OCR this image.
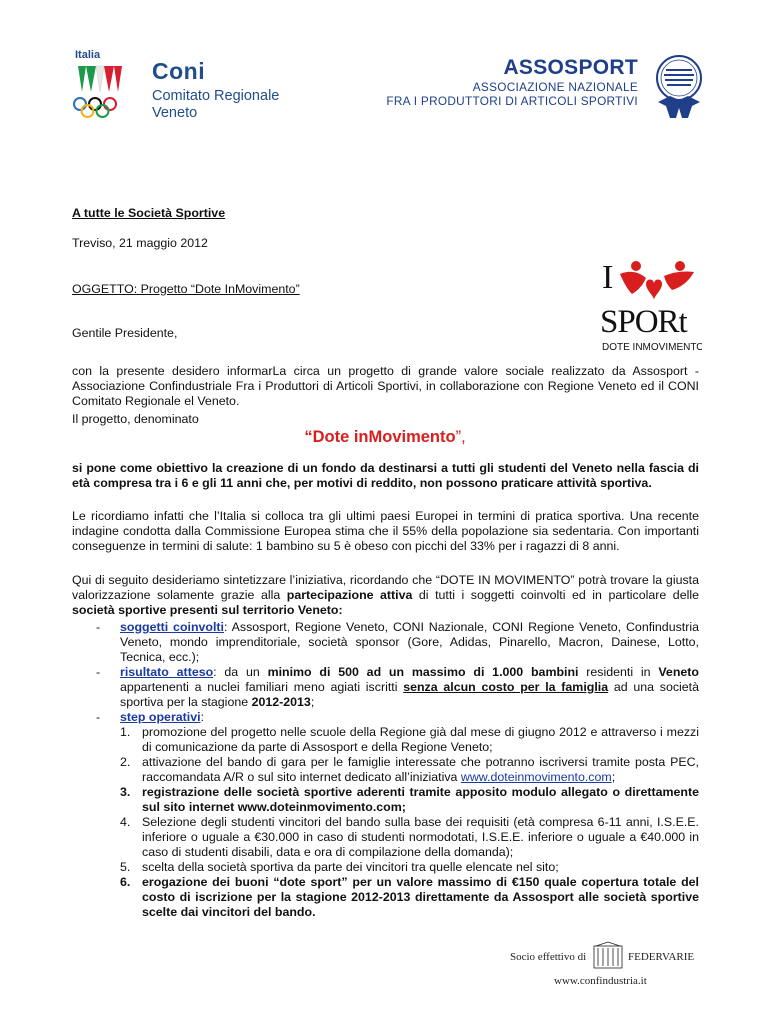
Italia
Coni
Comitato Regionale
Veneto
ASSOSPORT
ASSOCIAZIONE NAZIONALE
FRA I PRODUTTORI DI ARTICOLI SPORTIVI
A tutte le Società Sportive
Treviso, 21 maggio 2012
OGGETTO: Progetto “Dote InMovimento”
Gentile Presidente,
I
SPORt
DOTE INMOVIMENTO
con la presente desidero informarLa circa un progetto di grande valore sociale realizzato da Assosport - Associazione Confindustriale Fra i Produttori di Articoli Sportivi, in collaborazione con Regione Veneto ed il CONI Comitato Regionale el Veneto.
Il progetto, denominato
“Dote inMovimento”,
si pone come obiettivo la creazione di un fondo da destinarsi a tutti gli studenti del Veneto nella fascia di età compresa tra i 6 e gli 11 anni che, per motivi di reddito, non possono praticare attività sportiva.
Le ricordiamo infatti che l’Italia si colloca tra gli ultimi paesi Europei in termini di pratica sportiva. Una recente indagine condotta dalla Commissione Europea stima che il 55% della popolazione sia sedentaria. Con importanti conseguenze in termini di salute: 1 bambino su 5 è obeso con picchi del 33% per i ragazzi di 8 anni.
Qui di seguito desideriamo sintetizzare l’iniziativa, ricordando che “DOTE IN MOVIMENTO” potrà trovare la giusta valorizzazione solamente grazie alla partecipazione attiva di tutti i soggetti coinvolti ed in particolare delle società sportive presenti sul territorio Veneto:
- soggetti coinvolti: Assosport, Regione Veneto, CONI Nazionale, CONI Regione Veneto, Confindustria Veneto, mondo imprenditoriale, società sponsor (Gore, Adidas, Pinarello, Macron, Dainese, Lotto, Tecnica, ecc.);
- risultato atteso: da un minimo di 500 ad un massimo di 1.000 bambini residenti in Veneto appartenenti a nuclei familiari meno agiati iscritti senza alcun costo per la famiglia ad una società sportiva per la stagione 2012-2013;
- step operativi:
1. promozione del progetto nelle scuole della Regione già dal mese di giugno 2012 e attraverso i mezzi di comunicazione da parte di Assosport e della Regione Veneto;
2. attivazione del bando di gara per le famiglie interessate che potranno iscriversi tramite posta PEC, raccomandata A/R o sul sito internet dedicato all’iniziativa www.doteinmovimento.com;
3. registrazione delle società sportive aderenti tramite apposito modulo allegato o direttamente sul sito internet www.doteinmovimento.com;
4. Selezione degli studenti vincitori del bando sulla base dei requisiti (età compresa 6-11 anni, I.S.E.E. inferiore o uguale a €30.000 in caso di studenti normodotati, I.S.E.E. inferiore o uguale a €40.000 in caso di studenti disabili, data e ora di compilazione della domanda);
5. scelta della società sportiva da parte dei vincitori tra quelle elencate nel sito;
6. erogazione dei buoni “dote sport” per un valore massimo di €150 quale copertura totale del costo di iscrizione per la stagione 2012-2013 direttamente da Assosport alle società sportive scelte dai vincitori del bando.
Socio effettivo di	FEDERVARIE
www.confindustria.it
